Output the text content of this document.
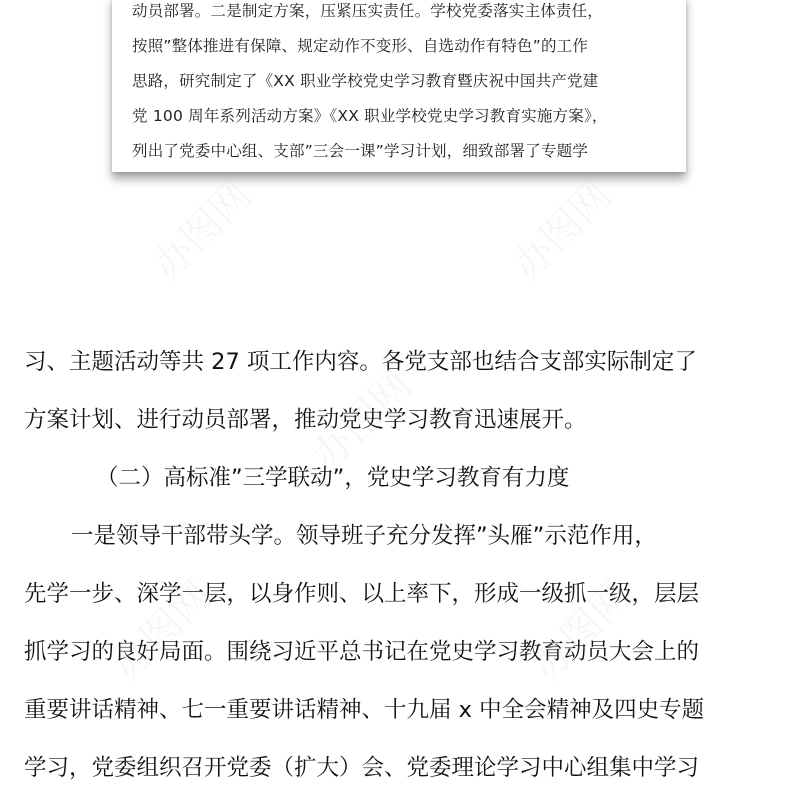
动员部署。二是制定方案，压紧压实责任。学校党委落实主体责任，
按照”整体推进有保障、规定动作不变形、自选动作有特色”的工作
思路，研究制定了《XX 职业学校党史学习教育暨庆祝中国共产党建
党 100 周年系列活动方案》《XX 职业学校党史学习教育实施方案》，
列出了党委中心组、支部”三会一课”学习计划，细致部署了专题学
习、主题活动等共 27 项工作内容。各党支部也结合支部实际制定了
方案计划、进行动员部署，推动党史学习教育迅速展开。
（二）高标准”三学联动”，党史学习教育有力度
一是领导干部带头学。领导班子充分发挥”头雁”示范作用，
先学一步、深学一层，以身作则、以上率下，形成一级抓一级，层层
抓学习的良好局面。围绕习近平总书记在党史学习教育动员大会上的
重要讲话精神、七一重要讲话精神、十九届 x 中全会精神及四史专题
学习，党委组织召开党委（扩大）会、党委理论学习中心组集中学习
办图网	办图网
办图网
办图网	办图网
